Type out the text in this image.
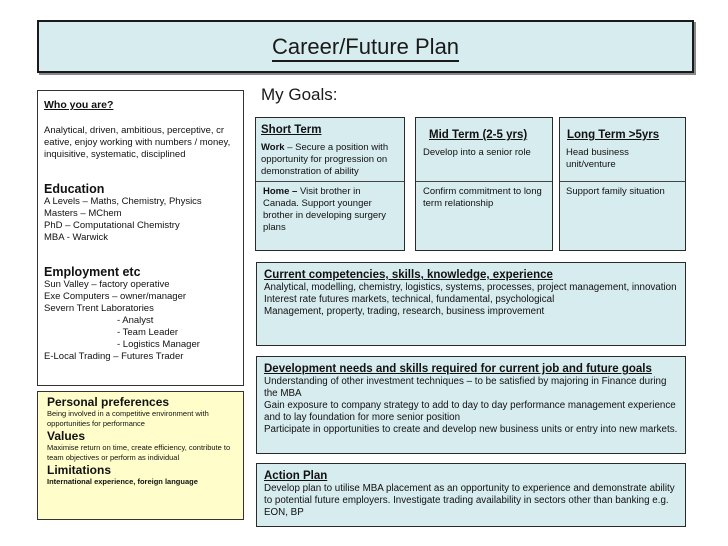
Career/Future Plan
Who you are?
Analytical, driven, ambitious, perceptive, cr eative, enjoy working with numbers / money, inquisitive, systematic, disciplined
Education
A Levels – Maths, Chemistry, Physics
Masters – MChem
PhD – Computational Chemistry
MBA - Warwick
Employment etc
Sun Valley – factory operative
Exe Computers – owner/manager
Severn Trent Laboratories
- Analyst
- Team Leader
- Logistics Manager
E-Local Trading – Futures Trader
Personal preferences
Being involved in a competitive environment with opportunities for performance
Values
Maximise return on time, create efficiency, contribute to team objectives or perform as individual
Limitations
International experience, foreign language
My Goals:
Short Term
Work – Secure a position with opportunity for progression on demonstration of ability
Home – Visit brother in Canada. Support younger brother in developing surgery plans
Mid Term (2-5 yrs)
Develop into a senior role
Confirm commitment to long term relationship
Long Term >5yrs
Head business unit/venture
Support family situation
Current competencies, skills, knowledge, experience
Analytical, modelling, chemistry, logistics, systems, processes, project management, innovation
Interest rate futures markets, technical, fundamental, psychological
Management, property, trading, research, business improvement
Development needs and skills required for current job and future goals
Understanding of other investment techniques – to be satisfied by majoring in Finance during the MBA
Gain exposure to company strategy to add to day to day performance management experience and to lay foundation for more senior position
Participate in opportunities to create and develop new business units or entry into new markets.
Action Plan
Develop plan to utilise MBA placement as an opportunity to experience and demonstrate ability to potential future employers. Investigate trading availability in sectors other than banking e.g. EON, BP
